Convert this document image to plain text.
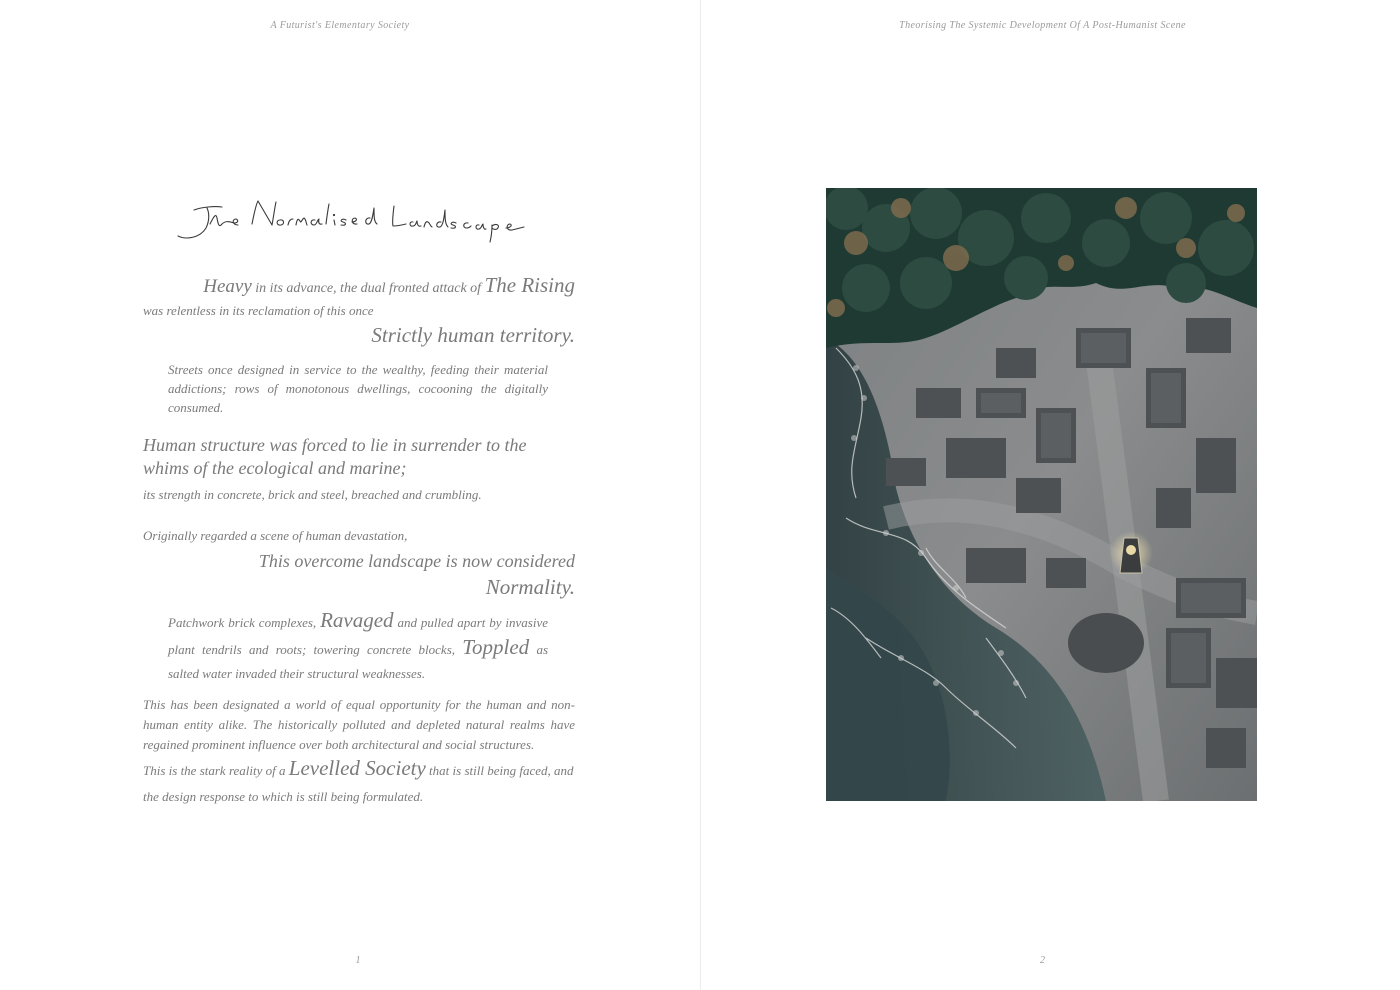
A Futurist's Elementary Society
Heavy in its advance, the dual fronted attack of The Rising
was relentless in its reclamation of this once
Strictly human territory.
Streets once designed in service to the wealthy, feeding their material addictions; rows of monotonous dwellings, cocooning the digitally consumed.
Human structure was forced to lie in surrender to the whims of the ecological and marine;
its strength in concrete, brick and steel, breached and crumbling.
Originally regarded a scene of human devastation,
This overcome landscape is now considered
Normality.
Patchwork brick complexes, Ravaged and pulled apart by invasive plant tendrils and roots; towering concrete blocks, Toppled as salted water invaded their structural weaknesses.
This has been designated a world of equal opportunity for the human and non-human entity alike. The historically polluted and depleted natural realms have regained prominent influence over both architectural and social structures.
This is the stark reality of a Levelled Society that is still being faced, and the design response to which is still being formulated.
1
Theorising The Systemic Development Of A Post-Humanist Scene
2
